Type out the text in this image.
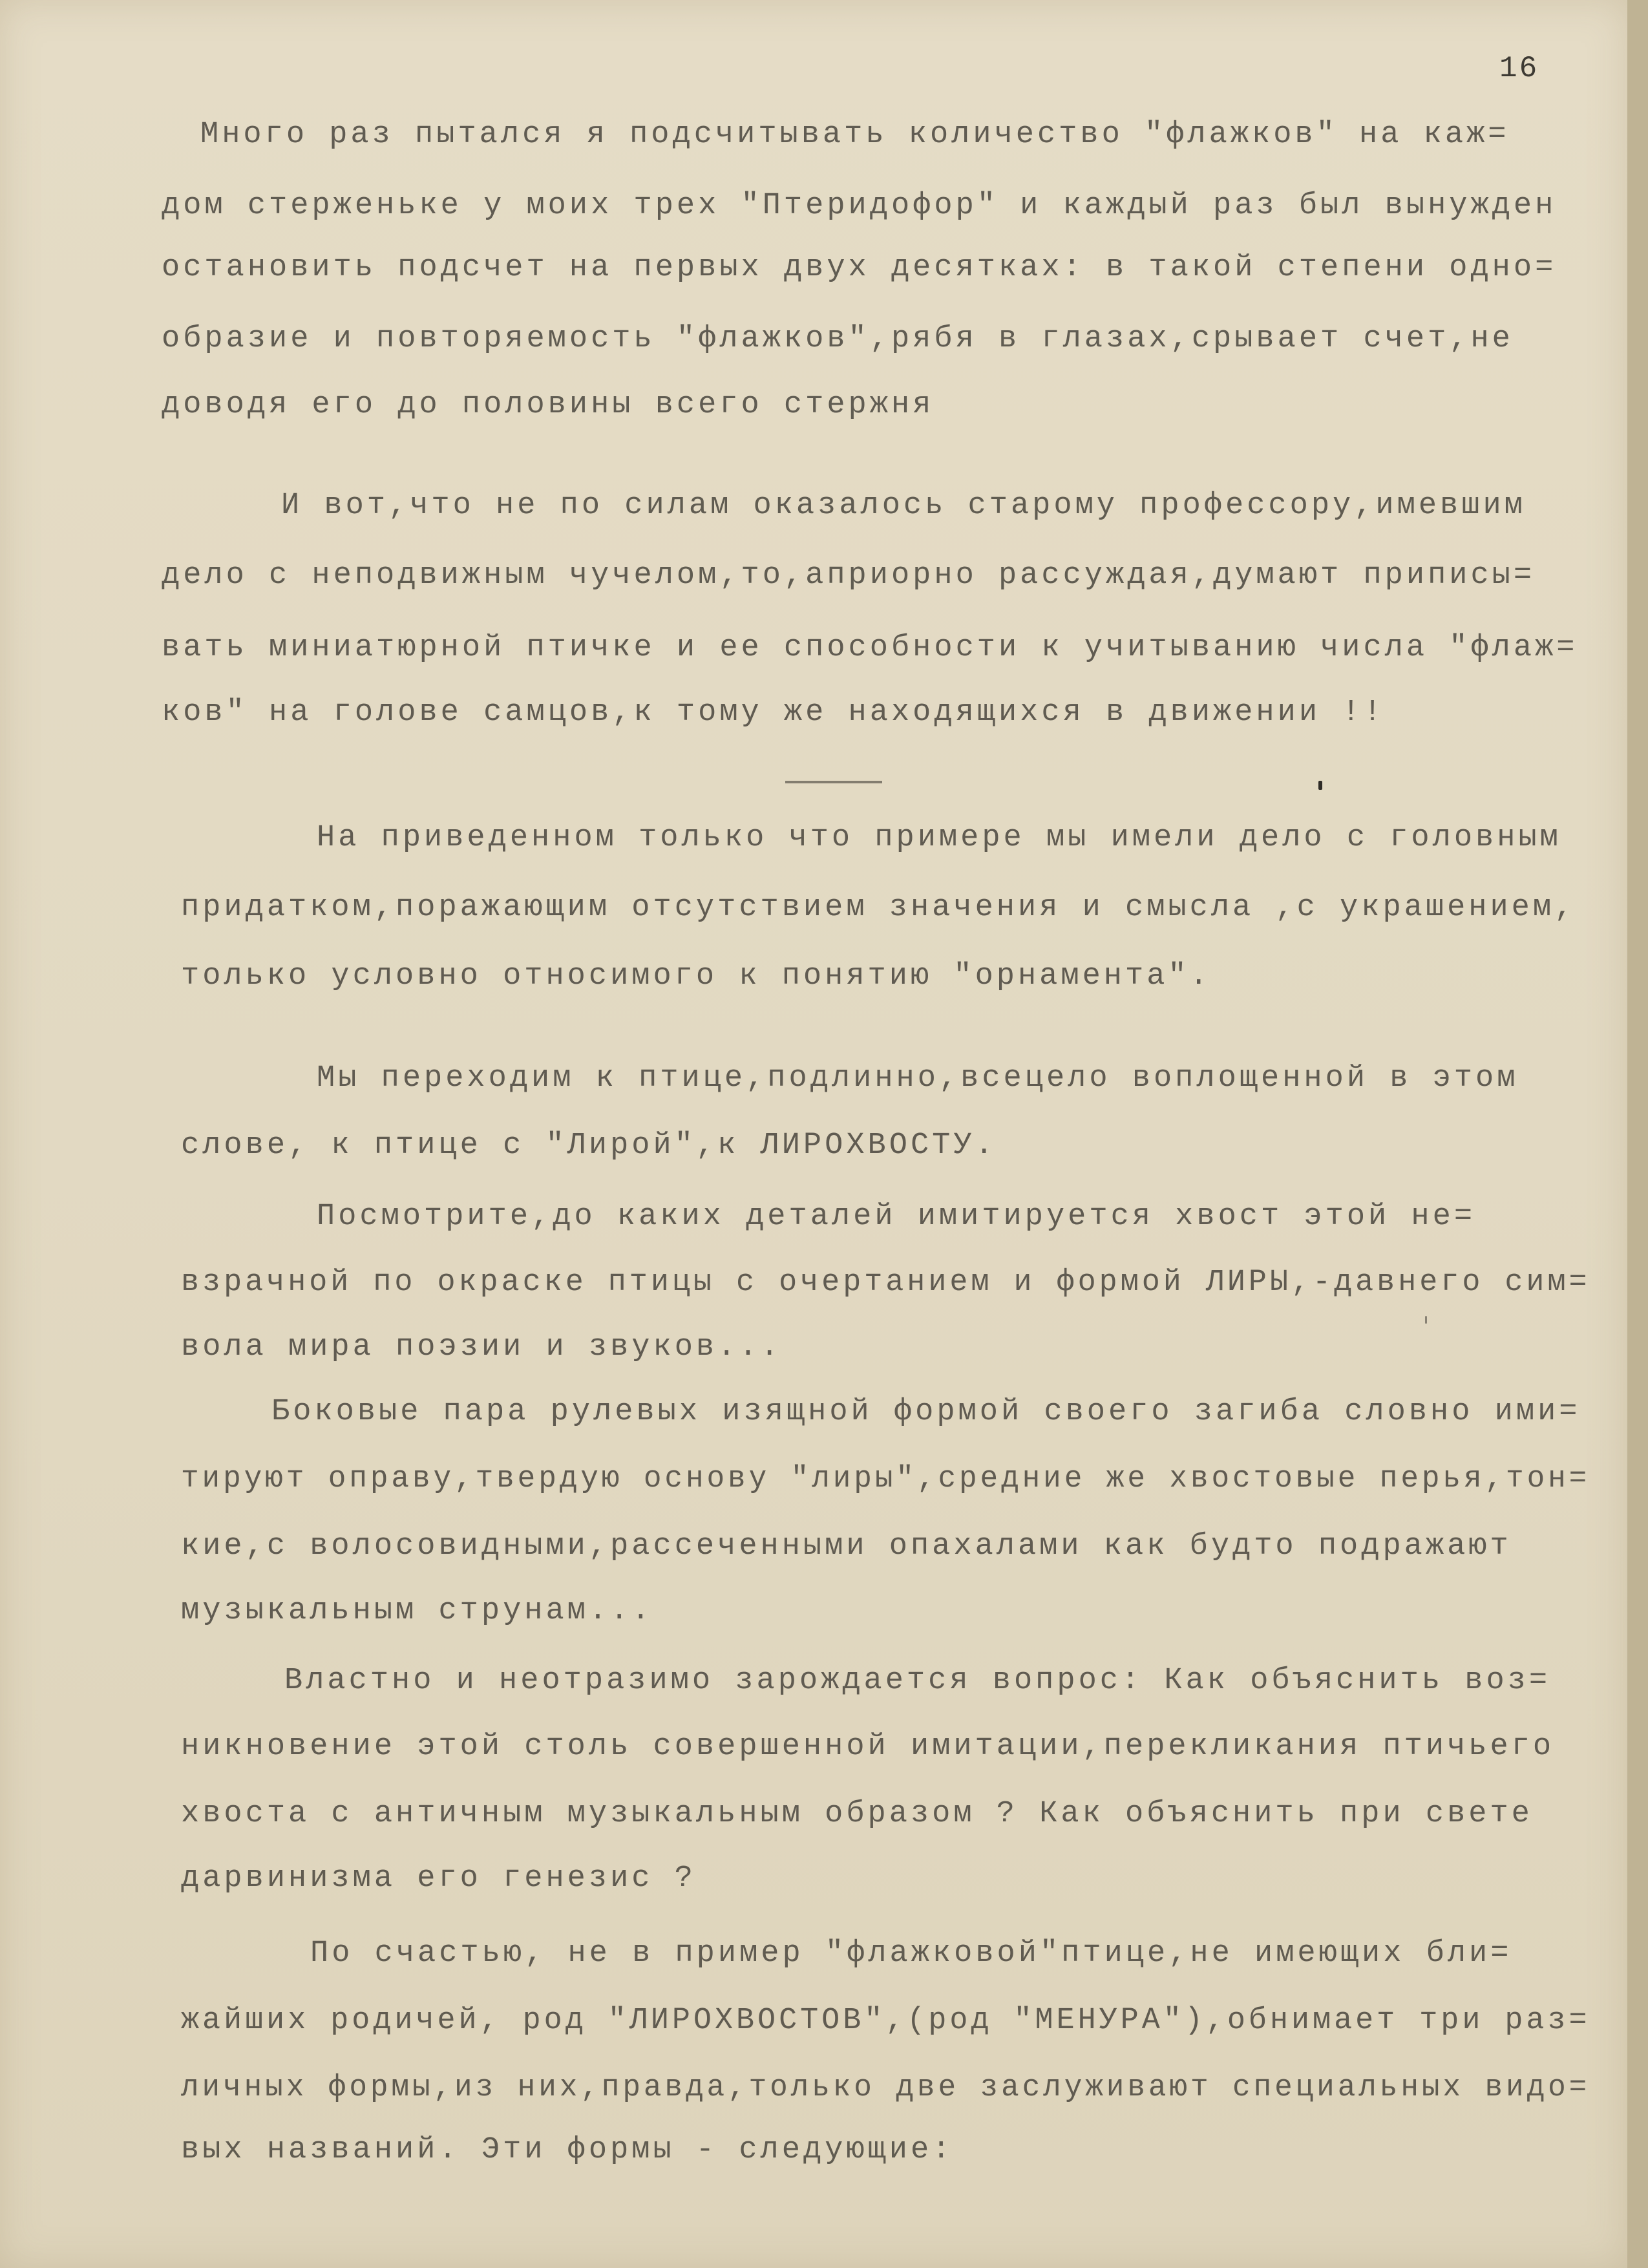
16
Много раз пытался я подсчитывать количество "флажков" на каж=
дом стерженьке у моих трех "Птеридофор" и каждый раз был вынужден
остановить подсчет на первых двух десятках: в такой степени одно=
образие и повторяемость "флажков",рябя в глазах,срывает счет,не
доводя его до половины всего стержня
И вот,что не по силам оказалось старому профессору,имевшим
дело с неподвижным чучелом,то,априорно рассуждая,думают приписы=
вать миниатюрной птичке и ее способности к учитыванию числа "флаж=
ков" на голове самцов,к тому же находящихся в движении !!
На приведенном только что примере мы имели дело с головным
придатком,поражающим отсутствием значения и смысла ,с украшением,
только условно относимого к понятию "орнамента".
Мы переходим к птице,подлинно,всецело воплощенной в этом
слове, к птице с "Лирой",к ЛИРОХВОСТУ.
Посмотрите,до каких деталей имитируется хвост этой не=
взрачной по окраске птицы с очертанием и формой ЛИРЫ,-давнего сим=
вола мира поэзии и звуков...
Боковые пара рулевых изящной формой своего загиба словно ими=
тируют оправу,твердую основу "лиры",средние же хвостовые перья,тон=
кие,с волосовидными,рассеченными опахалами как будто подражают
музыкальным струнам...
Властно и неотразимо зарождается вопрос: Как объяснить воз=
никновение этой столь совершенной имитации,перекликания птичьего
хвоста с античным музыкальным образом ? Как объяснить при свете
дарвинизма его генезис ?
По счастью, не в пример "флажковой"птице,не имеющих бли=
жайших родичей, род "ЛИРОХВОСТОВ",(род "МЕНУРА"),обнимает три раз=
личных формы,из них,правда,только две заслуживают специальных видо=
вых названий. Эти формы - следующие:
